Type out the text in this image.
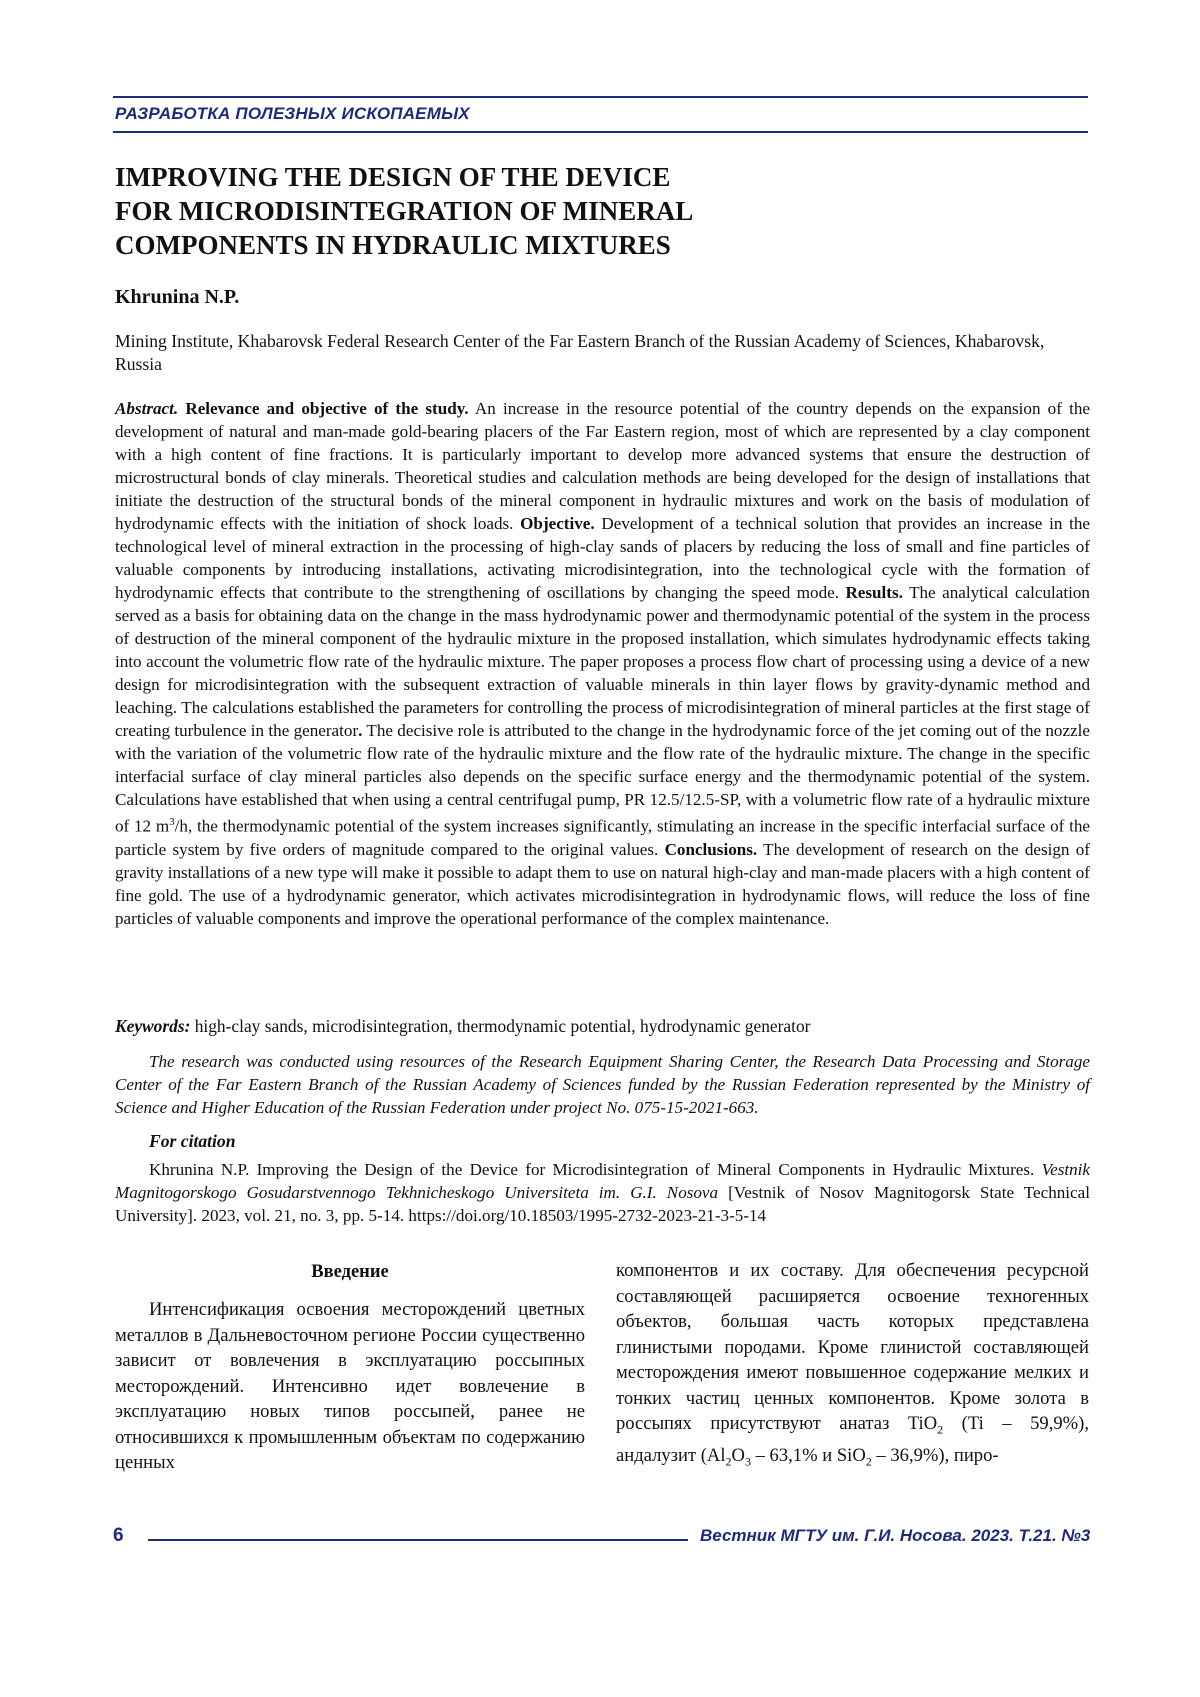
РАЗРАБОТКА ПОЛЕЗНЫХ ИСКОПАЕМЫХ
IMPROVING THE DESIGN OF THE DEVICE
FOR MICRODISINTEGRATION OF MINERAL
COMPONENTS IN HYDRAULIC MIXTURES
Khrunina N.P.
Mining Institute, Khabarovsk Federal Research Center of the Far Eastern Branch of the Russian Academy of Sciences, Khabarovsk, Russia
Abstract. Relevance and objective of the study. An increase in the resource potential of the country depends on the expansion of the development of natural and man-made gold-bearing placers of the Far Eastern region, most of which are represented by a clay component with a high content of fine fractions. It is particularly important to develop more advanced systems that ensure the destruction of microstructural bonds of clay minerals. Theoretical studies and calculation methods are being developed for the design of installations that initiate the destruction of the structural bonds of the mineral component in hydraulic mixtures and work on the basis of modulation of hydrodynamic effects with the initiation of shock loads. Objective. Development of a technical solution that provides an increase in the technological level of mineral extraction in the processing of high-clay sands of placers by reducing the loss of small and fine particles of valuable components by introducing installations, activating microdisintegration, into the technological cycle with the formation of hydrodynamic effects that contribute to the strengthening of oscillations by changing the speed mode. Results. The analytical calculation served as a basis for obtaining data on the change in the mass hydrodynamic power and thermodynamic potential of the system in the process of destruction of the mineral component of the hydraulic mixture in the proposed installation, which simulates hydrodynamic effects taking into account the volumetric flow rate of the hydraulic mixture. The paper proposes a process flow chart of processing using a device of a new design for microdisintegration with the subsequent extraction of valuable minerals in thin layer flows by gravity-dynamic method and leaching. The calculations established the parameters for controlling the process of microdisintegration of mineral particles at the first stage of creating turbulence in the generator. The decisive role is attributed to the change in the hydrodynamic force of the jet coming out of the nozzle with the variation of the volumetric flow rate of the hydraulic mixture and the flow rate of the hydraulic mixture. The change in the specific interfacial surface of clay mineral particles also depends on the specific surface energy and the thermodynamic potential of the system. Calculations have established that when using a central centrifugal pump, PR 12.5/12.5-SP, with a volumetric flow rate of a hydraulic mixture of 12 $m^3/h$, the thermodynamic potential of the system increases significantly, stimulating an increase in the specific interfacial surface of the particle system by five orders of magnitude compared to the original values. Conclusions. The development of research on the design of gravity installations of a new type will make it possible to adapt them to use on natural high-clay and man-made placers with a high content of fine gold. The use of a hydrodynamic generator, which activates microdisintegration in hydrodynamic flows, will reduce the loss of fine particles of valuable components and improve the operational performance of the complex maintenance.
Keywords: high-clay sands, microdisintegration, thermodynamic potential, hydrodynamic generator
The research was conducted using resources of the Research Equipment Sharing Center, the Research Data Processing and Storage Center of the Far Eastern Branch of the Russian Academy of Sciences funded by the Russian Federation represented by the Ministry of Science and Higher Education of the Russian Federation under project No. 075-15-2021-663.
For citation
Khrunina N.P. Improving the Design of the Device for Microdisintegration of Mineral Components in Hydraulic Mixtures. Vestnik Magnitogorskogo Gosudarstvennogo Tekhnicheskogo Universiteta im. G.I. Nosova [Vestnik of Nosov Magnitogorsk State Technical University]. 2023, vol. 21, no. 3, pp. 5-14. https://doi.org/10.18503/1995-2732-2023-21-3-5-14
Введение

Интенсификация освоения месторождений цветных металлов в Дальневосточном регионе России существенно зависит от вовлечения в эксплуатацию россыпных месторождений. Интенсивно идет вовлечение в эксплуатацию новых типов россыпей, ранее не относившихся к промышленным объектам по содержанию ценных

компонентов и их составу. Для обеспечения ресурсной составляющей расширяется освоение техногенных объектов, большая часть которых представлена глинистыми породами. Кроме глинистой составляющей месторождения имеют повышенное содержание мелких и тонких частиц ценных компонентов. Кроме золота в россыпях присутствуют анатаз TiO$_2$ (Ti – 59,9%), андалузит ($Al_2O_3 - 63,1\%$ и SiO$_2$ – 36,9%), пиро-

6	Вестник МГТУ им. Г.И. Носова. 2023. Т.21. №3
